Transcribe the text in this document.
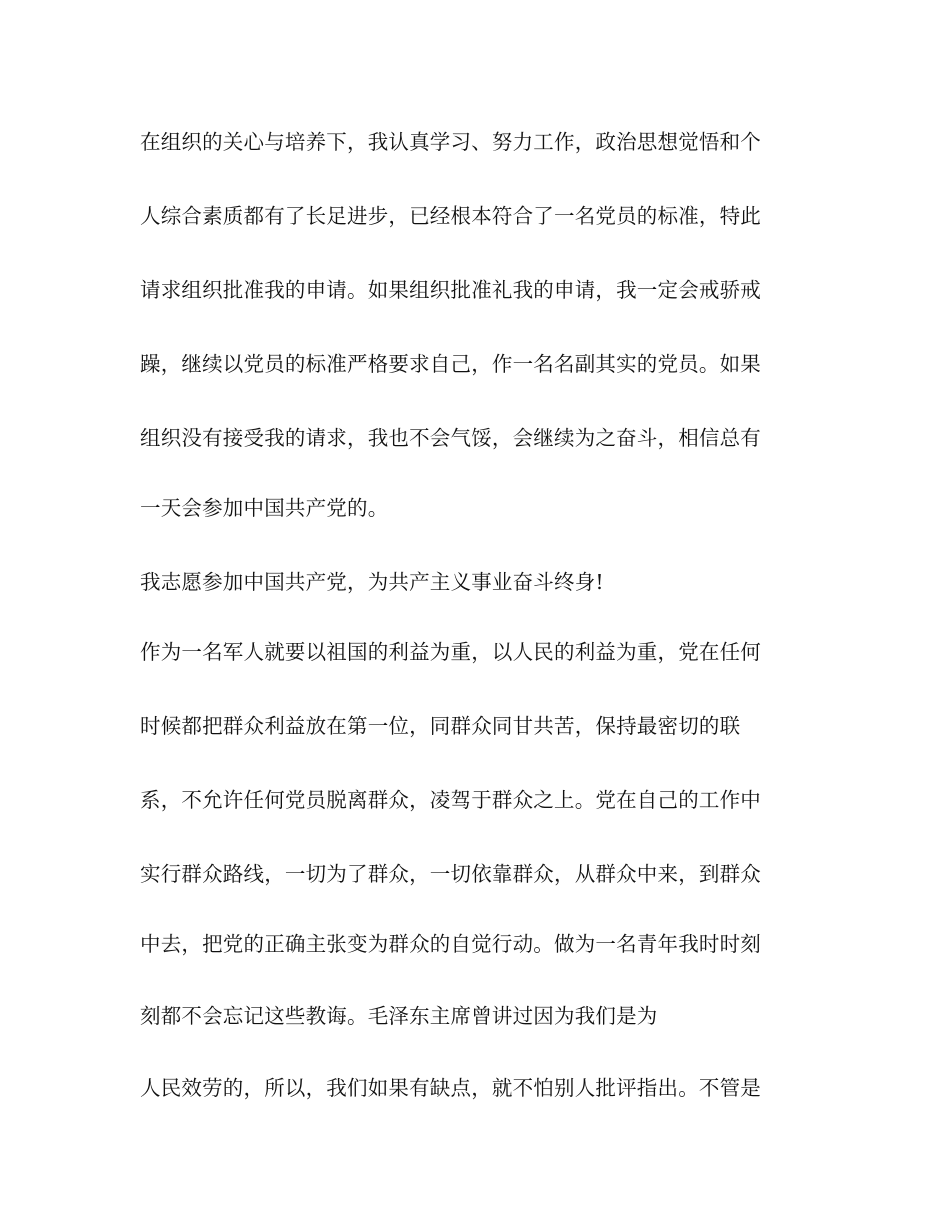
在组织的关心与培养下，我认真学习、努力工作，政治思想觉悟和个
人综合素质都有了长足进步，已经根本符合了一名党员的标准，特此
请求组织批准我的申请。如果组织批准礼我的申请，我一定会戒骄戒
躁，继续以党员的标准严格要求自己，作一名名副其实的党员。如果
组织没有接受我的请求，我也不会气馁，会继续为之奋斗，相信总有
一天会参加中国共产党的。
我志愿参加中国共产党，为共产主义事业奋斗终身!
作为一名军人就要以祖国的利益为重，以人民的利益为重，党在任何
时候都把群众利益放在第一位，同群众同甘共苦，保持最密切的联
系，不允许任何党员脱离群众，凌驾于群众之上。党在自己的工作中
实行群众路线，一切为了群众，一切依靠群众，从群众中来，到群众
中去，把党的正确主张变为群众的自觉行动。做为一名青年我时时刻
刻都不会忘记这些教诲。毛泽东主席曾讲过因为我们是为
人民效劳的，所以，我们如果有缺点，就不怕别人批评指出。不管是
